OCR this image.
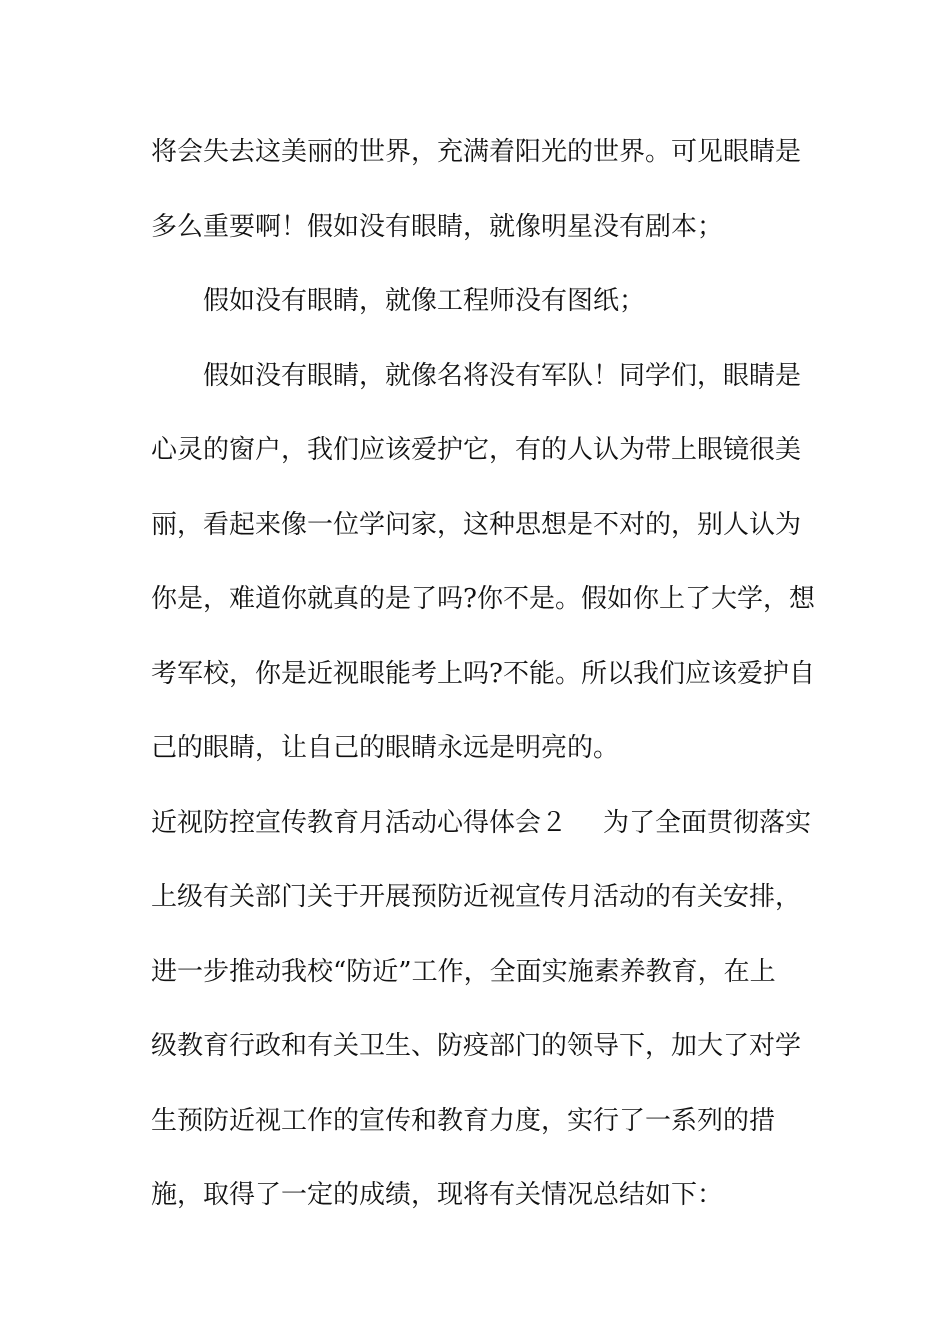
将会失去这美丽的世界，充满着阳光的世界。可见眼睛是
多么重要啊！假如没有眼睛，就像明星没有剧本；
假如没有眼睛，就像工程师没有图纸；
假如没有眼睛，就像名将没有军队！同学们，眼睛是
心灵的窗户，我们应该爱护它，有的人认为带上眼镜很美
丽，看起来像一位学问家，这种思想是不对的，别人认为
你是，难道你就真的是了吗?你不是。假如你上了大学，想
考军校，你是近视眼能考上吗?不能。所以我们应该爱护自
己的眼睛，让自己的眼睛永远是明亮的。
近视防控宣传教育月活动心得体会２ 为了全面贯彻落实
上级有关部门关于开展预防近视宣传月活动的有关安排，
进一步推动我校“防近”工作，全面实施素养教育，在上
级教育行政和有关卫生、防疫部门的领导下，加大了对学
生预防近视工作的宣传和教育力度，实行了一系列的措
施，取得了一定的成绩，现将有关情况总结如下：
